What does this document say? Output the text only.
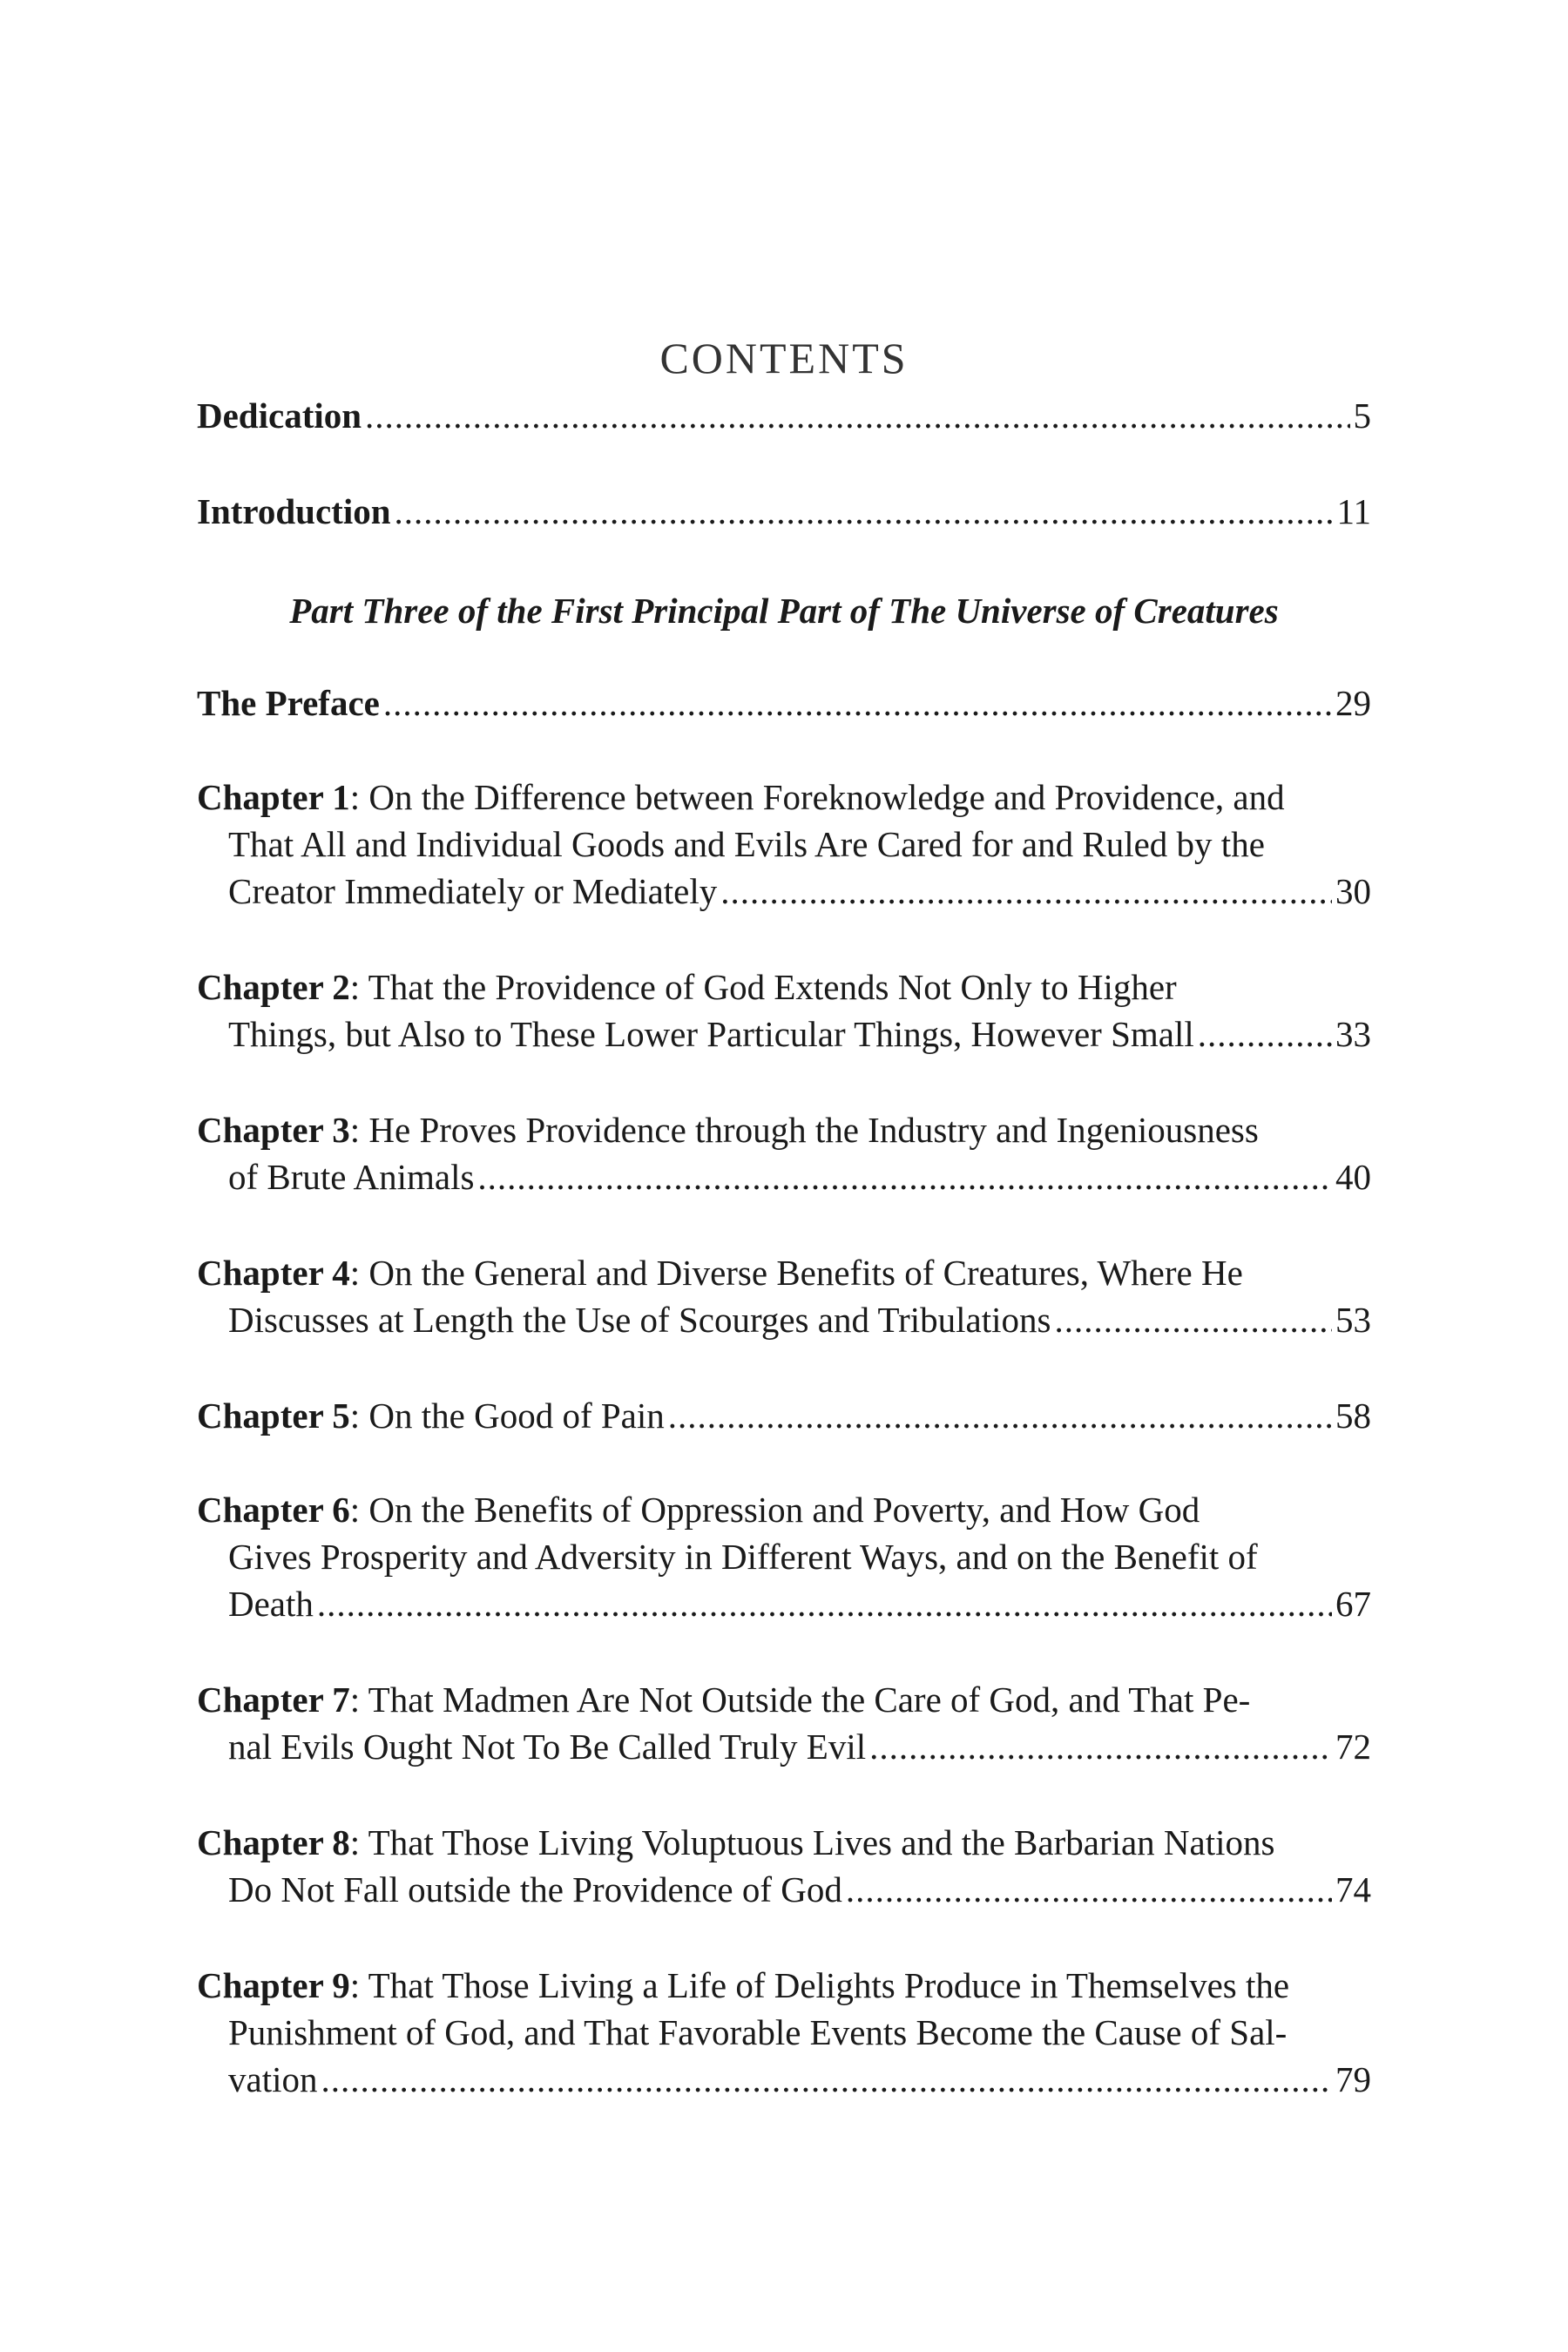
CONTENTS
Part Three of the First Principal Part of The Universe of Creatures
Dedication .....	5
Introduction .....	11
The Preface .....	29
Chapter 1 : On the Difference between Foreknowledge and Providence, and
That All and Individual Goods and Evils Are Cared for and Ruled by the
Creator Immediately or Mediately .....	30
Chapter 2 : That the Providence of God Extends Not Only to Higher
Things, but Also to These Lower Particular Things, However Small .....	33
Chapter 3 : He Proves Providence through the Industry and Ingeniousness
of Brute Animals .....	40
Chapter 4 : On the General and Diverse Benefits of Creatures, Where He
Discusses at Length the Use of Scourges and Tribulations .....	53
Chapter 5 : On the Good of Pain .....	58
Chapter 6 : On the Benefits of Oppression and Poverty, and How God
Gives Prosperity and Adversity in Different Ways, and on the Benefit of
Death .....	67
Chapter 7 : That Madmen Are Not Outside the Care of God, and That Pe-
nal Evils Ought Not To Be Called Truly Evil .....	72
Chapter 8 : That Those Living Voluptuous Lives and the Barbarian Nations
Do Not Fall outside the Providence of God .....	74
Chapter 9 : That Those Living a Life of Delights Produce in Themselves the
Punishment of God, and That Favorable Events Become the Cause of Sal-
vation .....	79
